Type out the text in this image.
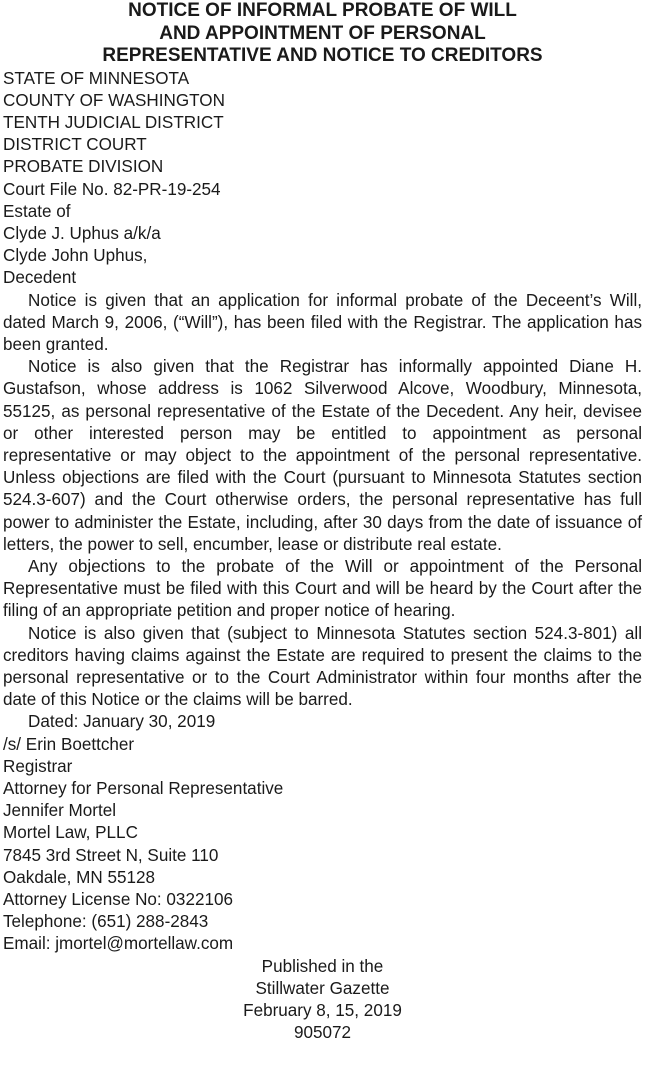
NOTICE OF INFORMAL PROBATE OF WILL
AND APPOINTMENT OF PERSONAL
REPRESENTATIVE AND NOTICE TO CREDITORS
STATE OF MINNESOTA
COUNTY OF WASHINGTON
TENTH JUDICIAL DISTRICT
DISTRICT COURT
PROBATE DIVISION
Court File No. 82-PR-19-254
Estate of
Clyde J. Uphus a/k/a
Clyde John Uphus,
Decedent
Notice is given that an application for informal probate of the Deceent’s Will, dated March 9, 2006, (“Will”), has been filed with the Registrar. The application has been granted.
Notice is also given that the Registrar has informally appointed Diane H. Gustafson, whose address is 1062 Silverwood Alcove, Woodbury, Minnesota, 55125, as personal representative of the Estate of the Decedent. Any heir, devisee or other interested person may be entitled to appointment as personal representative or may object to the appointment of the personal representative. Unless objections are filed with the Court (pursuant to Minnesota Statutes section 524.3-607) and the Court otherwise orders, the personal representative has full power to administer the Estate, including, after 30 days from the date of issuance of letters, the power to sell, encumber, lease or distribute real estate.
Any objections to the probate of the Will or appointment of the Personal Representative must be filed with this Court and will be heard by the Court after the filing of an appropriate petition and proper notice of hearing.
Notice is also given that (subject to Minnesota Statutes section 524.3-801) all creditors having claims against the Estate are required to present the claims to the personal representative or to the Court Administrator within four months after the date of this Notice or the claims will be barred.
Dated: January 30, 2019
/s/ Erin Boettcher
Registrar
Attorney for Personal Representative
Jennifer Mortel
Mortel Law, PLLC
7845 3rd Street N, Suite 110
Oakdale, MN 55128
Attorney License No: 0322106
Telephone: (651) 288-2843
Email: jmortel@mortellaw.com
Published in the
Stillwater Gazette
February 8, 15, 2019
905072
